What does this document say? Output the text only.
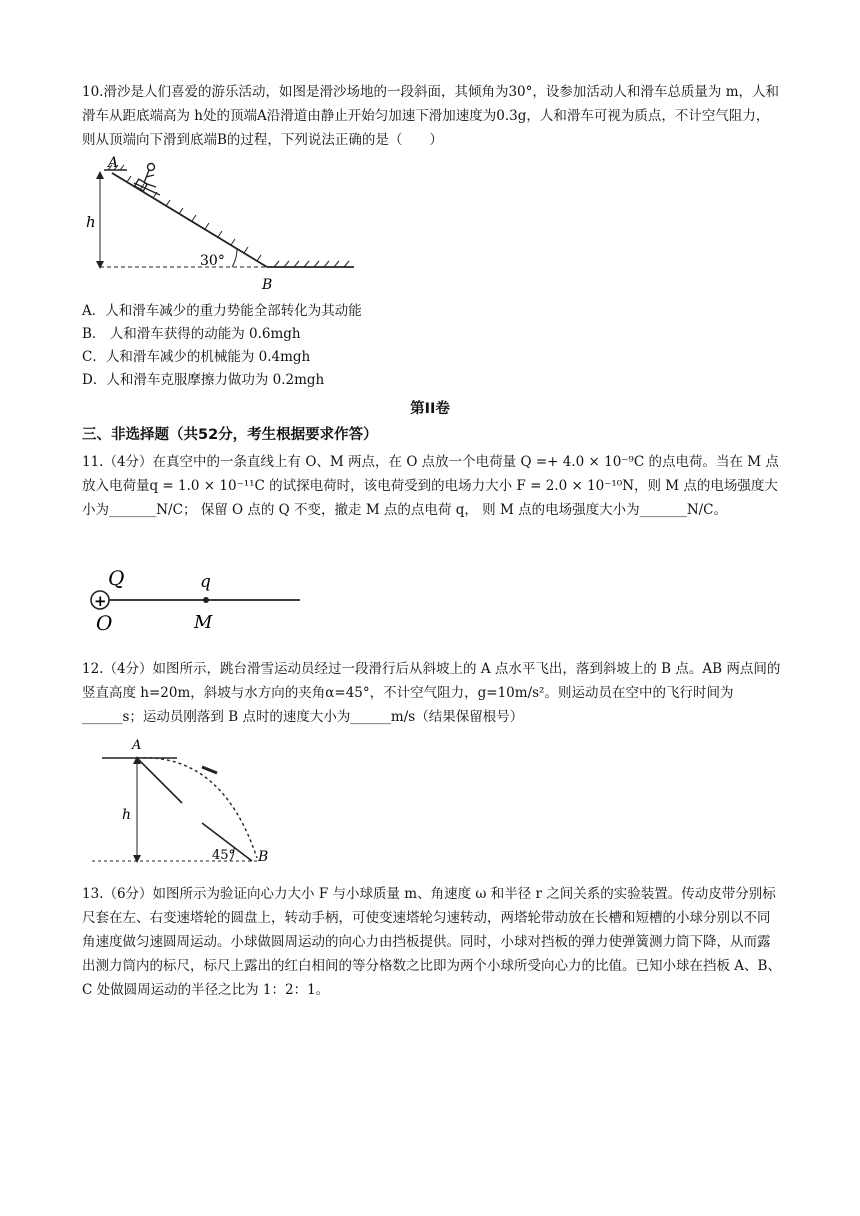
10.滑沙是人们喜爱的游乐活动，如图是滑沙场地的一段斜面，其倾角为30°，设参加活动人和滑车总质量为 m，人和滑车从距底端高为 h处的顶端A沿滑道由静止开始匀加速下滑加速度为0.3g，人和滑车可视为质点，不计空气阻力，则从顶端向下滑到底端B的过程，下列说法正确的是（　　）

A
h
30°
B
A．人和滑车减少的重力势能全部转化为其动能
B． 人和滑车获得的动能为 0.6mgh
C．人和滑车减少的机械能为 0.4mgh
D．人和滑车克服摩擦力做功为 0.2mgh
第II卷
三、非选择题（共52分，考生根据要求作答）

11.（4分）在真空中的一条直线上有 O、M 两点，在 O 点放一个电荷量 Q =+ 4.0 × 10⁻⁹C 的点电荷。当在 M 点放入电荷量q = 1.0 × 10⁻¹¹C 的试探电荷时，该电荷受到的电场力大小 F = 2.0 × 10⁻¹⁰N，则 M 点的电场强度大小为_______N/C； 保留 O 点的 Q 不变，撤走 M 点的点电荷 q， 则 M 点的电场强度大小为_______N/C。

+
Q	q
O	M

12.（4分）如图所示，跳台滑雪运动员经过一段滑行后从斜坡上的 A 点水平飞出，落到斜坡上的 B 点。AB 两点间的竖直高度 h=20m，斜坡与水方向的夹角α=45°，不计空气阻力，g=10m/s²。则运动员在空中的飞行时间为______s；运动员刚落到 B 点时的速度大小为______m/s（结果保留根号）

A
h
45° B

13.（6分）如图所示为验证向心力大小 F 与小球质量 m、角速度 ω 和半径 r 之间关系的实验装置。传动皮带分别标尺套在左、右变速塔轮的圆盘上，转动手柄，可使变速塔轮匀速转动，两塔轮带动放在长槽和短槽的小球分别以不同角速度做匀速圆周运动。小球做圆周运动的向心力由挡板提供。同时，小球对挡板的弹力使弹簧测力筒下降，从而露出测力筒内的标尺，标尺上露出的红白相间的等分格数之比即为两个小球所受向心力的比值。已知小球在挡板 A、B、C 处做圆周运动的半径之比为 1：2：1。
